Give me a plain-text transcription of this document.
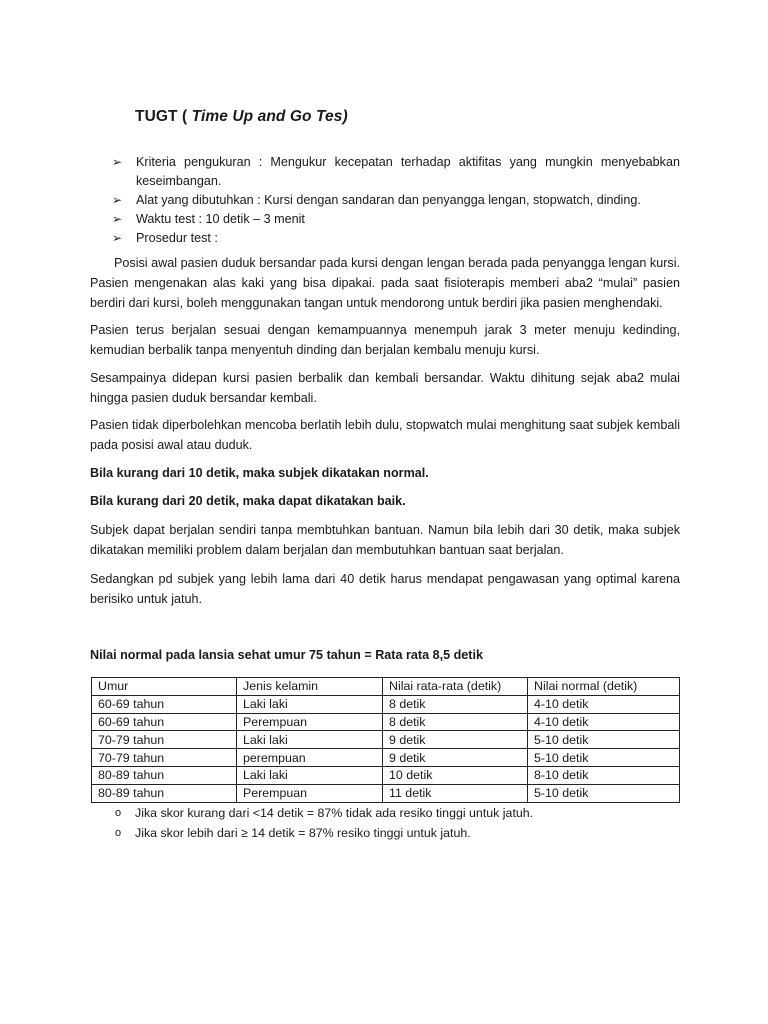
TUGT ( Time Up and Go Tes)
➢ Kriteria pengukuran : Mengukur kecepatan terhadap aktifitas yang mungkin menyebabkan keseimbangan.
➢ Alat yang dibutuhkan : Kursi dengan sandaran dan penyangga lengan, stopwatch, dinding.
➢ Waktu test : 10 detik – 3 menit
➢ Prosedur test :

Posisi awal pasien duduk bersandar pada kursi dengan lengan berada pada penyangga lengan kursi. Pasien mengenakan alas kaki yang bisa dipakai. pada saat fisioterapis memberi aba2 “mulai” pasien berdiri dari kursi, boleh menggunakan tangan untuk mendorong untuk berdiri jika pasien menghendaki.

Pasien terus berjalan sesuai dengan kemampuannya menempuh jarak 3 meter menuju kedinding, kemudian berbalik tanpa menyentuh dinding dan berjalan kembalu menuju kursi.

Sesampainya didepan kursi pasien berbalik dan kembali bersandar. Waktu dihitung sejak aba2 mulai hingga pasien duduk bersandar kembali.

Pasien tidak diperbolehkan mencoba berlatih lebih dulu, stopwatch mulai menghitung saat subjek kembali pada posisi awal atau duduk.

Bila kurang dari 10 detik, maka subjek dikatakan normal.

Bila kurang dari 20 detik, maka dapat dikatakan baik.

Subjek dapat berjalan sendiri tanpa membtuhkan bantuan. Namun bila lebih dari 30 detik, maka subjek dikatakan memiliki problem dalam berjalan dan membutuhkan bantuan saat berjalan.

Sedangkan pd subjek yang lebih lama dari 40 detik harus mendapat pengawasan yang optimal karena berisiko untuk jatuh.

Nilai normal pada lansia sehat umur 75 tahun = Rata rata 8,5 detik
Umur	Jenis kelamin	Nilai rata-rata (detik)	Nilai normal (detik)
60-69 tahun	Laki laki	8 detik	4-10 detik
60-69 tahun	Perempuan	8 detik	4-10 detik
70-79 tahun	Laki laki	9 detik	5-10 detik
70-79 tahun	perempuan	9 detik	5-10 detik
80-89 tahun	Laki laki	10 detik	8-10 detik
80-89 tahun	Perempuan	11 detik	5-10 detik
o Jika skor kurang dari <14 detik = 87% tidak ada resiko tinggi untuk jatuh.
o Jika skor lebih dari ≥ 14 detik = 87% resiko tinggi untuk jatuh.
